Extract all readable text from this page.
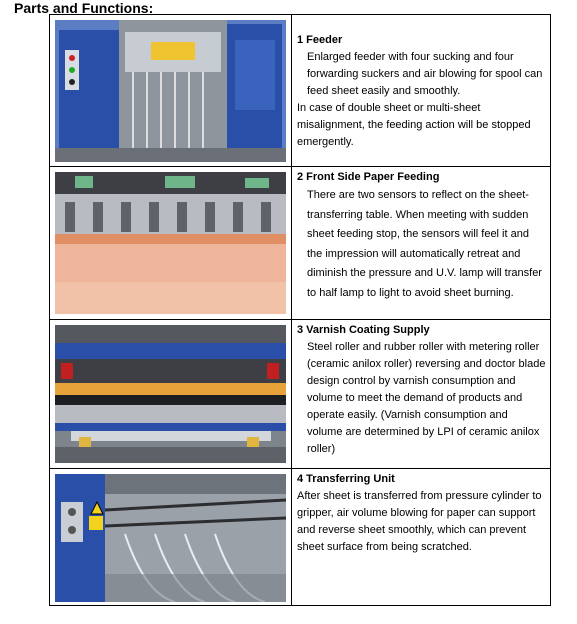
Parts and Functions:

1 Feeder

Enlarged feeder with four sucking and four forwarding suckers and air blowing for spool can feed sheet easily and smoothly.

In case of double sheet or multi-sheet misalignment, the feeding action will be stopped emergently.

2 Front Side Paper Feeding

There are two sensors to reflect on the sheet-transferring table. When meeting with sudden sheet feeding stop, the sensors will feel it and the impression will automatically retreat and diminish the pressure and U.V. lamp will transfer to half lamp to light to avoid sheet burning.

3 Varnish Coating Supply

Steel roller and rubber roller with metering roller (ceramic anilox roller) reversing and doctor blade design control by varnish consumption and volume to meet the demand of products and operate easily. (Varnish consumption and volume are determined by LPI of ceramic anilox roller)

4 Transferring Unit

After sheet is transferred from pressure cylinder to gripper, air volume blowing for paper can support and reverse sheet smoothly, which can prevent sheet surface from being scratched.
